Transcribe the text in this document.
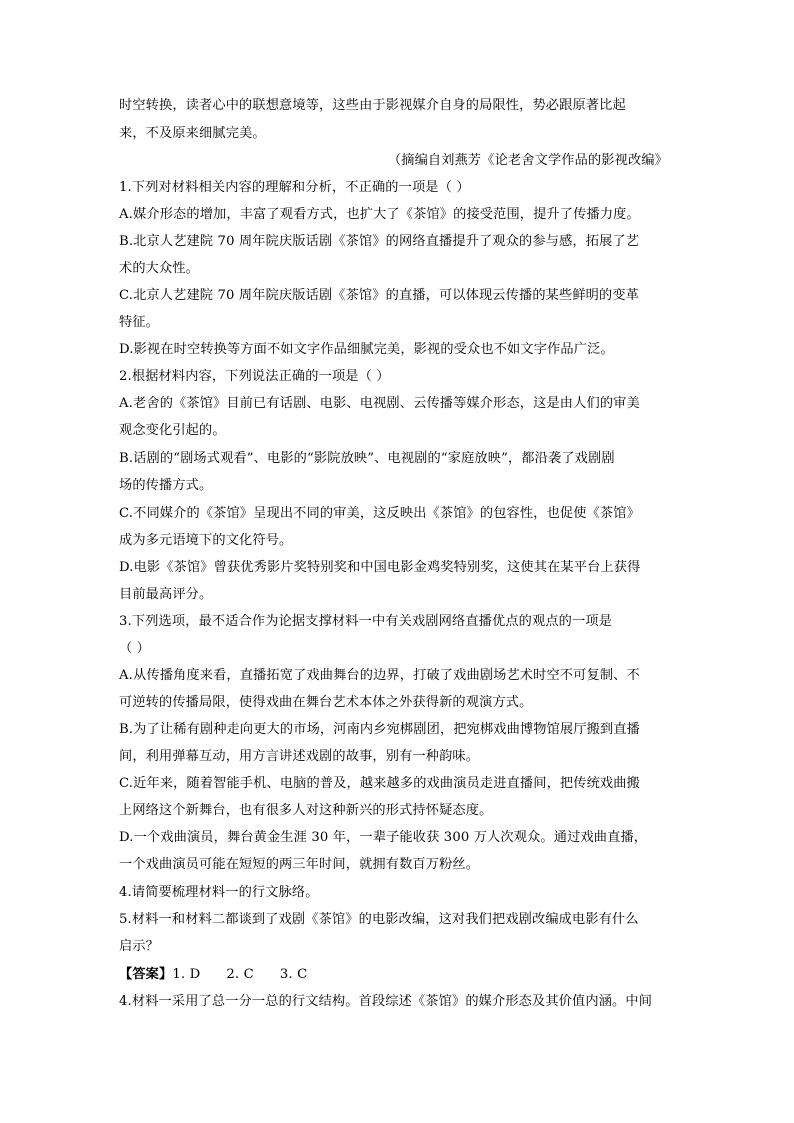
时空转换，读者心中的联想意境等，这些由于影视媒介自身的局限性，势必跟原著比起
来，不及原来细腻完美。
（摘编自刘燕芳《论老舍文学作品的影视改编》
1.下列对材料相关内容的理解和分析，不正确的一项是（ ）
A.媒介形态的增加，丰富了观看方式，也扩大了《茶馆》的接受范围，提升了传播力度。
B.北京人艺建院 70 周年院庆版话剧《茶馆》的网络直播提升了观众的参与感，拓展了艺
术的大众性。
C.北京人艺建院 70 周年院庆版话剧《茶馆》的直播，可以体现云传播的某些鲜明的变革
特征。
D.影视在时空转换等方面不如文字作品细腻完美，影视的受众也不如文字作品广泛。
2.根据材料内容，下列说法正确的一项是（ ）
A.老舍的《茶馆》目前已有话剧、电影、电视剧、云传播等媒介形态，这是由人们的审美
观念变化引起的。
B.话剧的“剧场式观看”、电影的“影院放映”、电视剧的“家庭放映”，都沿袭了戏剧剧
场的传播方式。
C.不同媒介的《茶馆》呈现出不同的审美，这反映出《茶馆》的包容性，也促使《茶馆》
成为多元语境下的文化符号。
D.电影《茶馆》曾获优秀影片奖特别奖和中国电影金鸡奖特别奖，这使其在某平台上获得
目前最高评分。
3.下列选项，最不适合作为论据支撑材料一中有关戏剧网络直播优点的观点的一项是
（ ）
A.从传播角度来看，直播拓宽了戏曲舞台的边界，打破了戏曲剧场艺术时空不可复制、不
可逆转的传播局限，使得戏曲在舞台艺术本体之外获得新的观演方式。
B.为了让稀有剧种走向更大的市场，河南内乡宛梆剧团，把宛梆戏曲博物馆展厅搬到直播
间，利用弹幕互动，用方言讲述戏剧的故事，别有一种韵味。
C.近年来，随着智能手机、电脑的普及，越来越多的戏曲演员走进直播间，把传统戏曲搬
上网络这个新舞台，也有很多人对这种新兴的形式持怀疑态度。
D.一个戏曲演员，舞台黄金生涯 30 年，一辈子能收获 300 万人次观众。通过戏曲直播，
一个戏曲演员可能在短短的两三年时间，就拥有数百万粉丝。
4.请简要梳理材料一的行文脉络。
5.材料一和材料二都谈到了戏剧《茶馆》的电影改编，这对我们把戏剧改编成电影有什么
启示？
【答案】1. D      2. C      3. C
4.材料一采用了总一分一总的行文结构。首段综述《茶馆》的媒介形态及其价值内涵。中间
